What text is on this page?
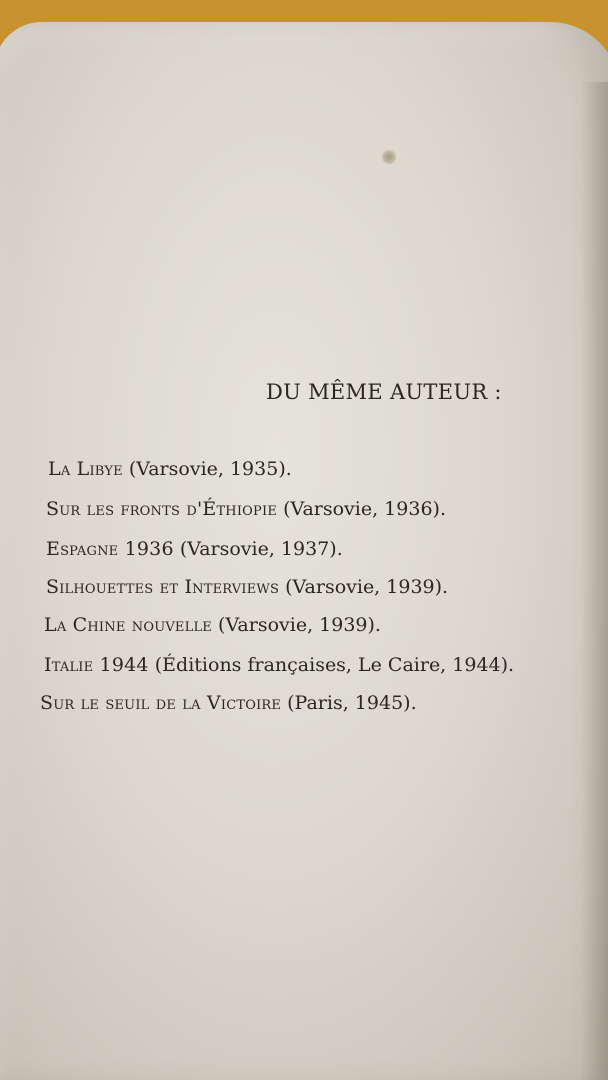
DU MÊME AUTEUR :
La Libye (Varsovie, 1935).
Sur les fronts d'Éthiopie (Varsovie, 1936).
Espagne 1936 (Varsovie, 1937).
Silhouettes et Interviews (Varsovie, 1939).
La Chine nouvelle (Varsovie, 1939).
Italie 1944 (Éditions françaises, Le Caire, 1944).
Sur le seuil de la Victoire (Paris, 1945).
